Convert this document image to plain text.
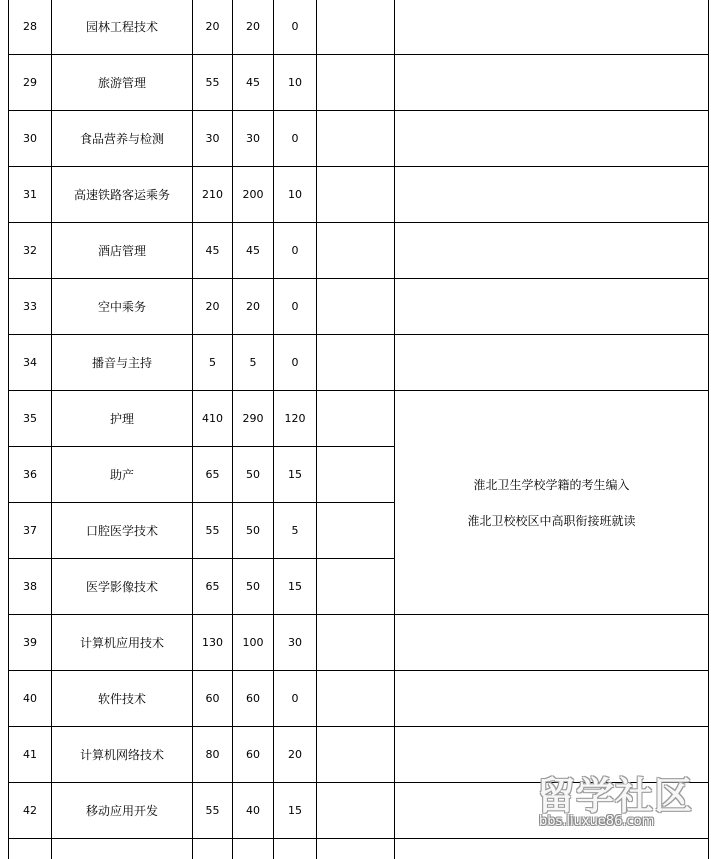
28	园林工程技术	20	20	0		
29	旅游管理	55	45	10		
30	食品营养与检测	30	30	0		
31	高速铁路客运乘务	210	200	10		
32	酒店管理	45	45	0		
33	空中乘务	20	20	0		
34	播音与主持	5	5	0		
35	护理	410	290	120		淮北卫生学校学籍的考生编入
淮北卫校校区中高职衔接班就读

36	助产	65	50	15		
37	口腔医学技术	55	50	5		
38	医学影像技术	65	50	15		
39	计算机应用技术	130	100	30		
40	软件技术	60	60	0		
41	计算机网络技术	80	60	20		
42	移动应用开发	55	40	15		
							留学社区
bbs.liuxue86.com
